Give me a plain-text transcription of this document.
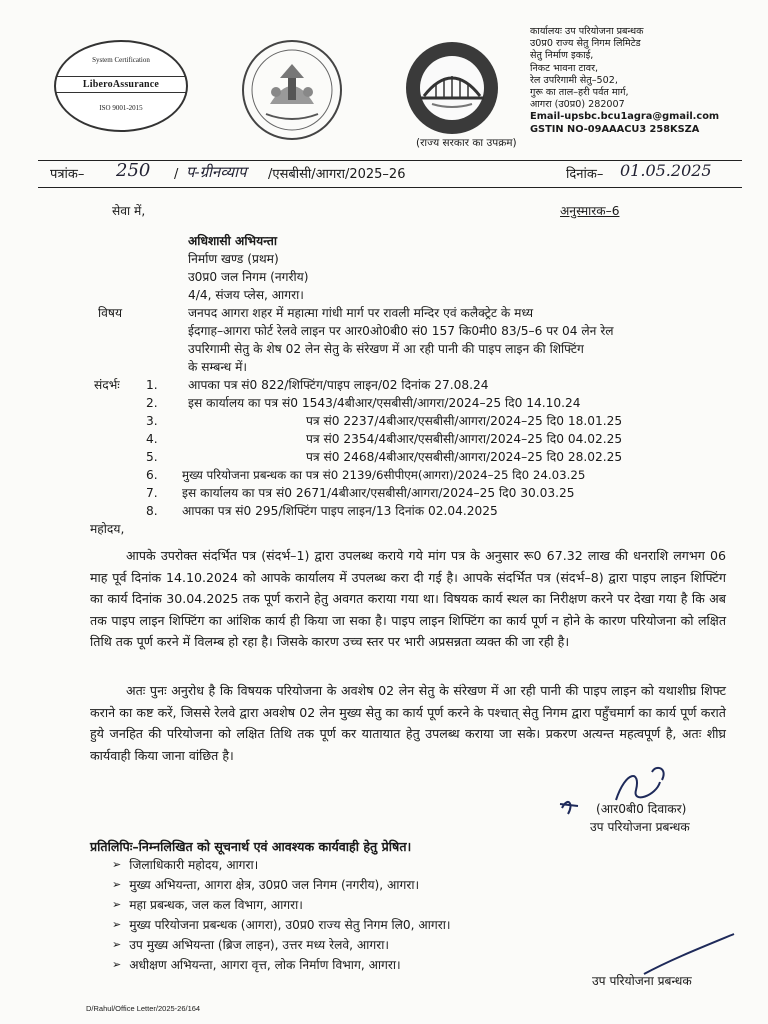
System Certification
LiberoAssurance
ISO 9001-2015
(राज्य सरकार का उपक्रम)
कार्यालयः उप परियोजना प्रबन्धक
उ0प्र0 राज्य सेतु निगम लिमिटेड
सेतु निर्माण इकाई,
निकट भावना टावर,
रेल उपरिगामी सेतु–502,
गुरू का ताल–हरी पर्वत मार्ग,
आगरा (उ0प्र0) 282007
Email-upsbc.bcu1agra@gmail.com
GSTIN NO-09AAACU3 258KSZA
पत्रांक– 250 / प-ग्रीनव्याप /एसबीसी/आगरा/2025–26	दिनांक– 01.05.2025
सेवा में,	अनुस्मारक–6
अधिशासी अभियन्ता
निर्माण खण्ड (प्रथम)
उ0प्र0 जल निगम (नगरीय)
4/4, संजय प्लेस, आगरा।
विषय	जनपद आगरा शहर में महात्मा गांधी मार्ग पर रावली मन्दिर एवं कलैक्ट्रेट के मध्य
ईदगाह–आगरा फोर्ट रेलवे लाइन पर आर0ओ0बी0 सं0 157 कि0मी0 83/5–6 पर 04 लेन रेल
उपरिगामी सेतु के शेष 02 लेन सेतु के संरेखण में आ रही पानी की पाइप लाइन की शिफ्टिंग
के सम्बन्ध में।
संदर्भः 1. आपका पत्र सं0 822/शिफ्टिंग/पाइप लाइन/02 दिनांक 27.08.24
2. इस कार्यालय का पत्र सं0 1543/4बीआर/एसबीसी/आगरा/2024–25 दि0 14.10.24
3.	पत्र सं0 2237/4बीआर/एसबीसी/आगरा/2024–25 दि0 18.01.25
4.	पत्र सं0 2354/4बीआर/एसबीसी/आगरा/2024–25 दि0 04.02.25
5.	पत्र सं0 2468/4बीआर/एसबीसी/आगरा/2024–25 दि0 28.02.25
6. मुख्य परियोजना प्रबन्धक का पत्र सं0 2139/6सीपीएम(आगरा)/2024–25 दि0 24.03.25
7. इस कार्यालय का पत्र सं0 2671/4बीआर/एसबीसी/आगरा/2024–25 दि0 30.03.25
8. आपका पत्र सं0 295/शिफ्टिंग पाइप लाइन/13 दिनांक 02.04.2025
महोदय,
आपके उपरोक्त संदर्भित पत्र (संदर्भ–1) द्वारा उपलब्ध कराये गये मांग पत्र के अनुसार रू0 67.32 लाख की धनराशि लगभग 06 माह पूर्व दिनांक 14.10.2024 को आपके कार्यालय में उपलब्ध करा दी गई है। आपके संदर्भित पत्र (संदर्भ–8) द्वारा पाइप लाइन शिफ्टिंग का कार्य दिनांक 30.04.2025 तक पूर्ण कराने हेतु अवगत कराया गया था। विषयक कार्य स्थल का निरीक्षण करने पर देखा गया है कि अब तक पाइप लाइन शिफ्टिंग का आंशिक कार्य ही किया जा सका है। पाइप लाइन शिफ्टिंग का कार्य पूर्ण न होने के कारण परियोजना को लक्षित तिथि तक पूर्ण करने में विलम्ब हो रहा है। जिसके कारण उच्च स्तर पर भारी अप्रसन्नता व्यक्त की जा रही है।
अतः पुनः अनुरोध है कि विषयक परियोजना के अवशेष 02 लेन सेतु के संरेखण में आ रही पानी की पाइप लाइन को यथाशीघ्र शिफ्ट कराने का कष्ट करें, जिससे रेलवे द्वारा अवशेष 02 लेन मुख्य सेतु का कार्य पूर्ण करने के पश्चात् सेतु निगम द्वारा पहुँचमार्ग का कार्य पूर्ण कराते हुये जनहित की परियोजना को लक्षित तिथि तक पूर्ण कर यातायात हेतु उपलब्ध कराया जा सके। प्रकरण अत्यन्त महत्वपूर्ण है, अतः शीघ्र कार्यवाही किया जाना वांछित है।
(आर0बी0 दिवाकर)
उप परियोजना प्रबन्धक
प्रतिलिपिः–निम्नलिखित को सूचनार्थ एवं आवश्यक कार्यवाही हेतु प्रेषित।
➢ जिलाधिकारी महोदय, आगरा।
➢ मुख्य अभियन्ता, आगरा क्षेत्र, उ0प्र0 जल निगम (नगरीय), आगरा।
➢ महा प्रबन्धक, जल कल विभाग, आगरा।
➢ मुख्य परियोजना प्रबन्धक (आगरा), उ0प्र0 राज्य सेतु निगम लि0, आगरा।
➢ उप मुख्य अभियन्ता (ब्रिज लाइन), उत्तर मध्य रेलवे, आगरा।
➢ अधीक्षण अभियन्ता, आगरा वृत्त, लोक निर्माण विभाग, आगरा।
उप परियोजना प्रबन्धक
D/Rahul/Office Letter/2025-26/164
